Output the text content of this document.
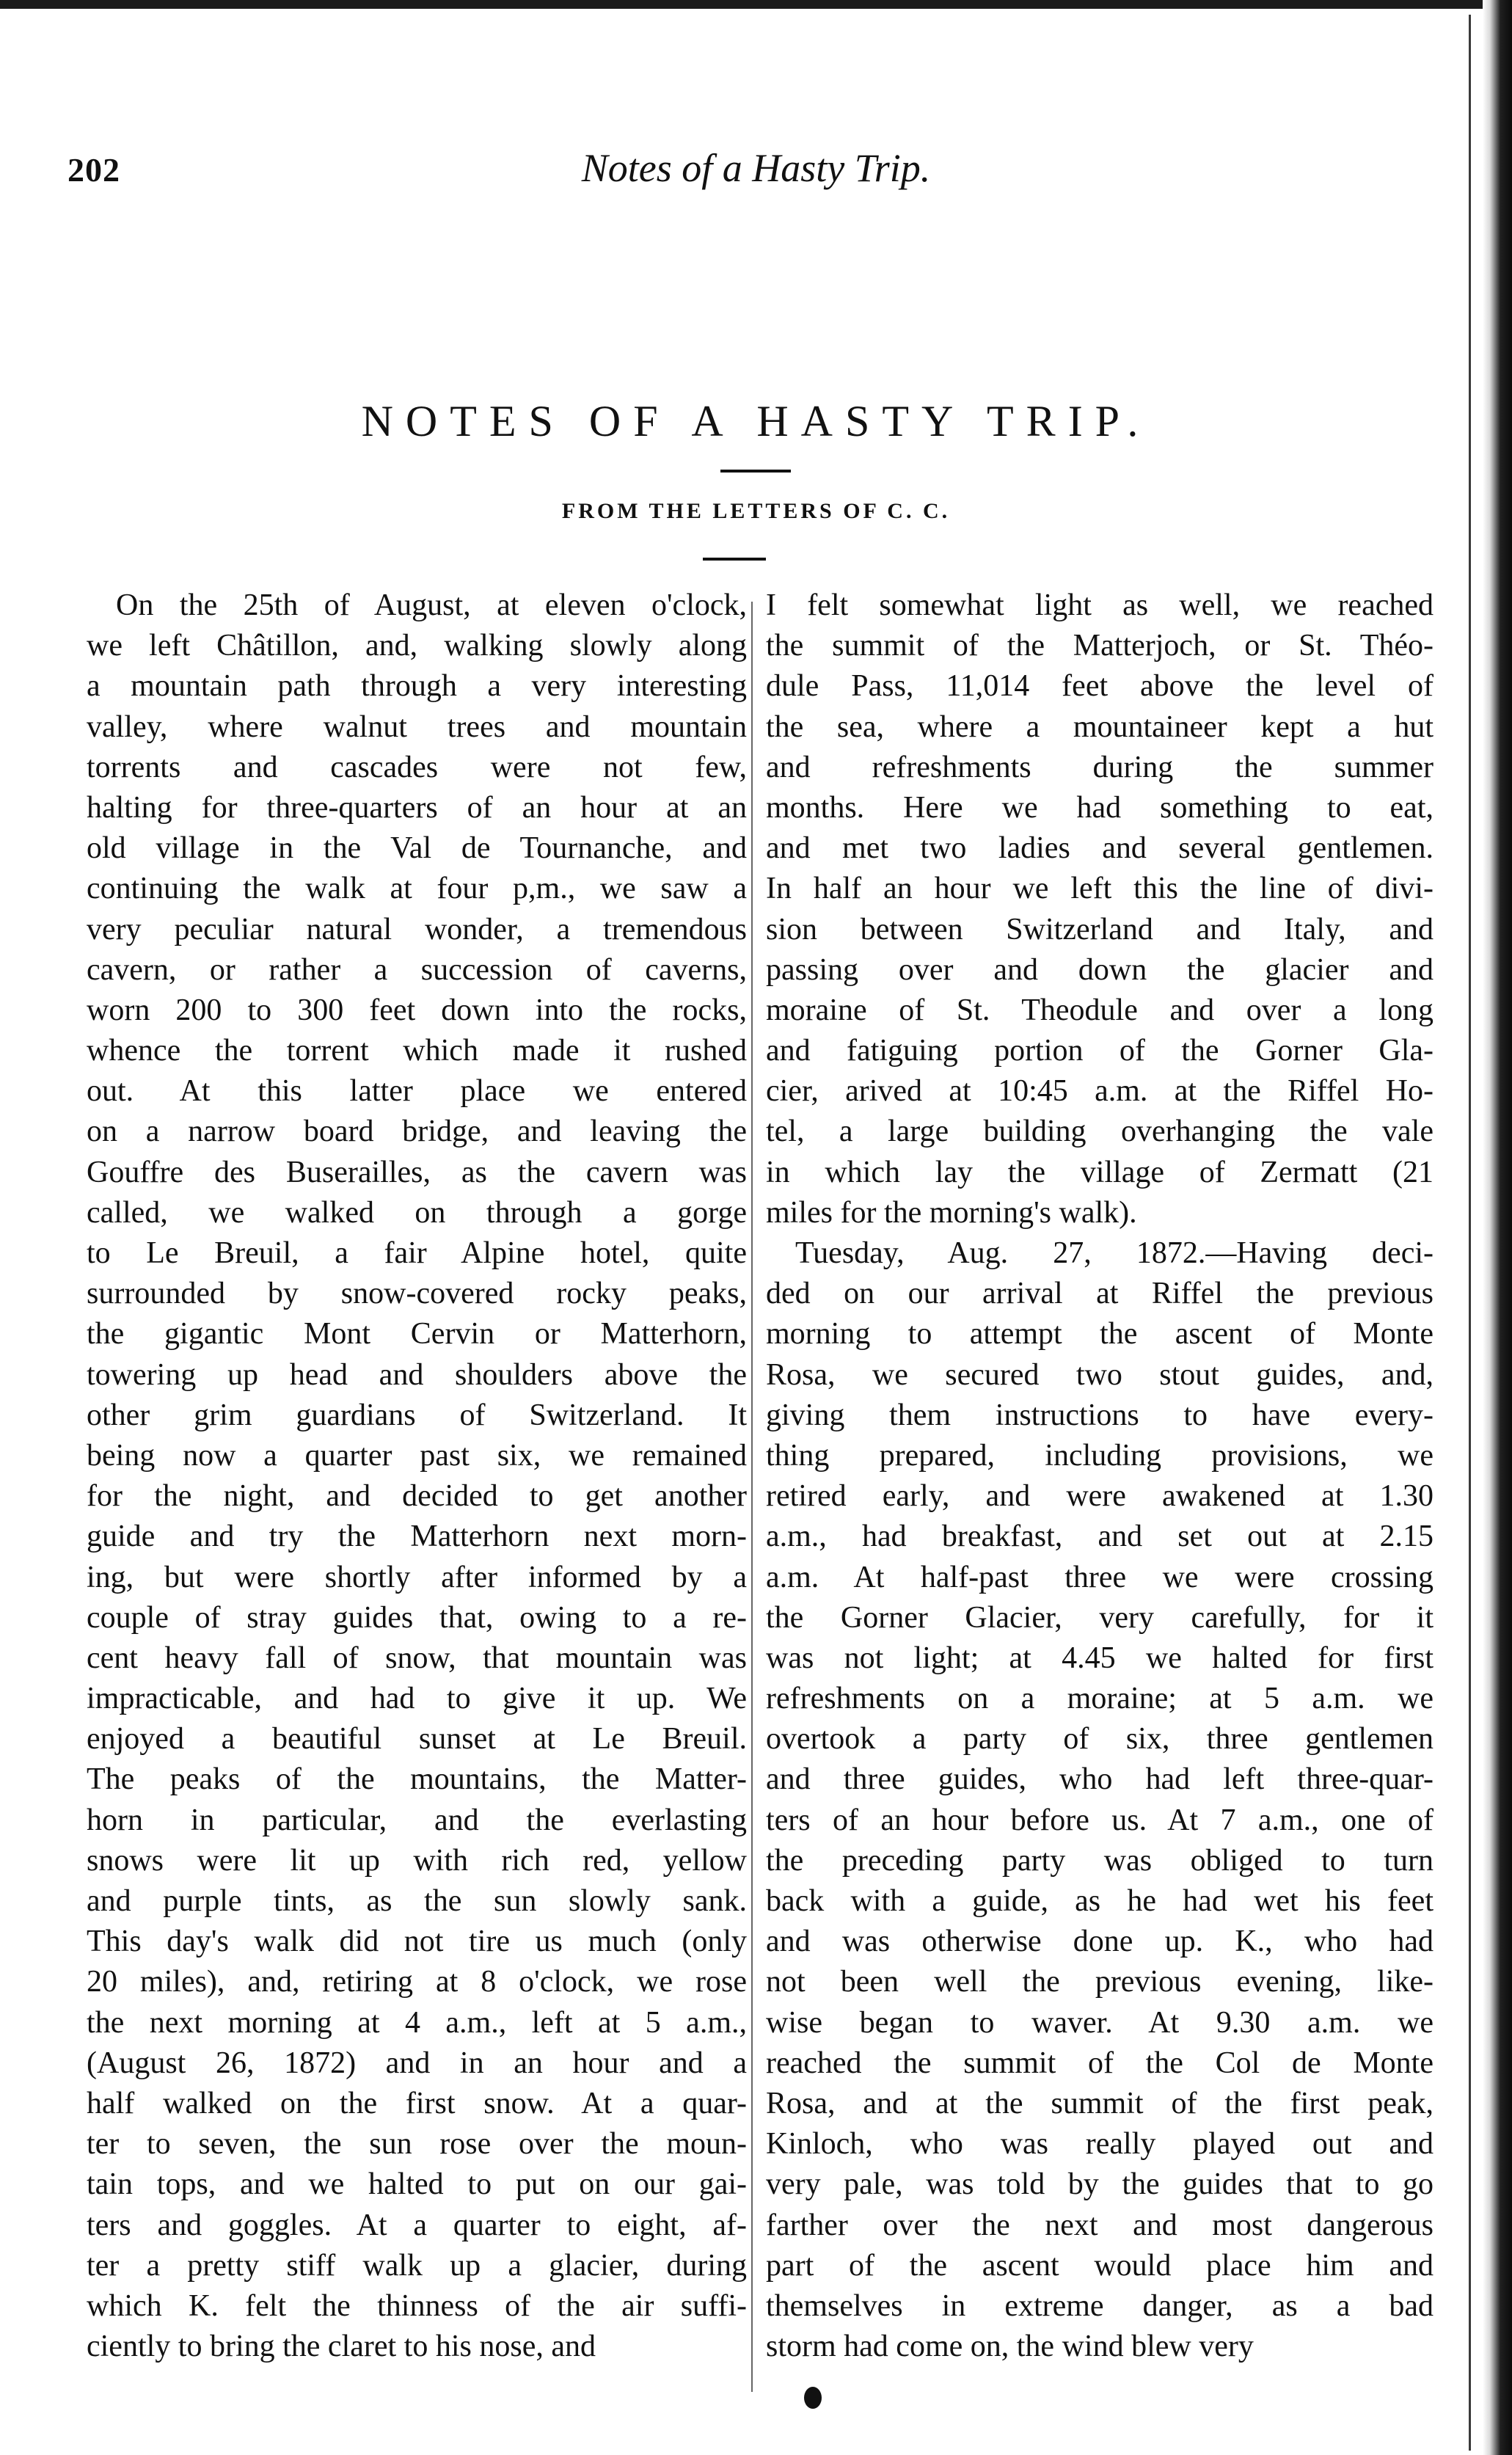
202	Notes of a Hasty Trip.
NOTES OF A HASTY TRIP.
FROM THE LETTERS OF C. C.
On the 25th of August, at eleven o'clock,
we left Châtillon, and, walking slowly along
a mountain path through a very interesting
valley, where walnut trees and mountain
torrents and cascades were not few,
halting for three-quarters of an hour at an
old village in the Val de Tournanche, and
continuing the walk at four p,m., we saw a
very peculiar natural wonder, a tremendous
cavern, or rather a succession of caverns,
worn 200 to 300 feet down into the rocks,
whence the torrent which made it rushed
out. At this latter place we entered
on a narrow board bridge, and leaving the
Gouffre des Buserailles, as the cavern was
called, we walked on through a gorge
to Le Breuil, a fair Alpine hotel, quite
surrounded by snow-covered rocky peaks,
the gigantic Mont Cervin or Matterhorn,
towering up head and shoulders above the
other grim guardians of Switzerland. It
being now a quarter past six, we remained
for the night, and decided to get another
guide and try the Matterhorn next morn-
ing, but were shortly after informed by a
couple of stray guides that, owing to a re-
cent heavy fall of snow, that mountain was
impracticable, and had to give it up. We
enjoyed a beautiful sunset at Le Breuil.
The peaks of the mountains, the Matter-
horn in particular, and the everlasting
snows were lit up with rich red, yellow
and purple tints, as the sun slowly sank.
This day's walk did not tire us much (only
20 miles), and, retiring at 8 o'clock, we rose
the next morning at 4 a.m., left at 5 a.m.,
(August 26, 1872) and in an hour and a
half walked on the first snow. At a quar-
ter to seven, the sun rose over the moun-
tain tops, and we halted to put on our gai-
ters and goggles. At a quarter to eight, af-
ter a pretty stiff walk up a glacier, during
which K. felt the thinness of the air suffi-
ciently to bring the claret to his nose, and
I felt somewhat light as well, we reached
the summit of the Matterjoch, or St. Théo-
dule Pass, 11,014 feet above the level of
the sea, where a mountaineer kept a hut
and refreshments during the summer
months. Here we had something to eat,
and met two ladies and several gentlemen.
In half an hour we left this the line of divi-
sion between Switzerland and Italy, and
passing over and down the glacier and
moraine of St. Theodule and over a long
and fatiguing portion of the Gorner Gla-
cier, arived at 10:45 a.m. at the Riffel Ho-
tel, a large building overhanging the vale
in which lay the village of Zermatt (21
miles for the morning's walk).
Tuesday, Aug. 27, 1872.—Having deci-
ded on our arrival at Riffel the previous
morning to attempt the ascent of Monte
Rosa, we secured two stout guides, and,
giving them instructions to have every-
thing prepared, including provisions, we
retired early, and were awakened at 1.30
a.m., had breakfast, and set out at 2.15
a.m. At half-past three we were crossing
the Gorner Glacier, very carefully, for it
was not light; at 4.45 we halted for first
refreshments on a moraine; at 5 a.m. we
overtook a party of six, three gentlemen
and three guides, who had left three-quar-
ters of an hour before us. At 7 a.m., one of
the preceding party was obliged to turn
back with a guide, as he had wet his feet
and was otherwise done up. K., who had
not been well the previous evening, like-
wise began to waver. At 9.30 a.m. we
reached the summit of the Col de Monte
Rosa, and at the summit of the first peak,
Kinloch, who was really played out and
very pale, was told by the guides that to go
farther over the next and most dangerous
part of the ascent would place him and
themselves in extreme danger, as a bad
storm had come on, the wind blew very
